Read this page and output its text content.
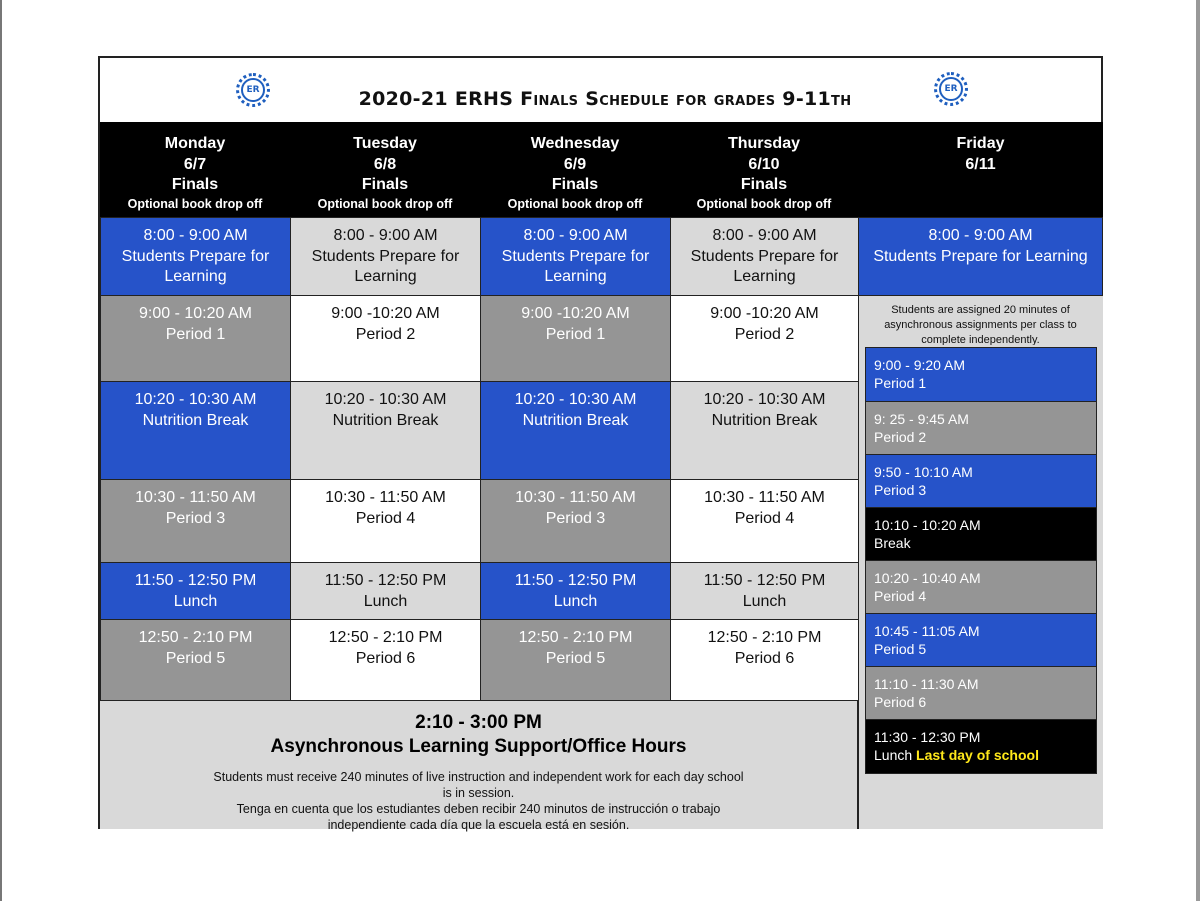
ER	ER
2020-21 ERHS Finals Schedule for grades 9-11th
Monday
6/7
Finals
Optional book drop off
Tuesday
6/8
Finals
Optional book drop off
Wednesday
6/9
Finals
Optional book drop off
Thursday
6/10
Finals
Optional book drop off
Friday
6/11
8:00 - 9:00 AM
Students Prepare for
Learning
8:00 - 9:00 AM
Students Prepare for
Learning
8:00 - 9:00 AM
Students Prepare for
Learning
8:00 - 9:00 AM
Students Prepare for
Learning
9:00 - 10:20 AM
Period 1
9:00 -10:20 AM
Period 2
9:00 -10:20 AM
Period 1
9:00 -10:20 AM
Period 2
10:20 - 10:30 AM
Nutrition Break
10:20 - 10:30 AM
Nutrition Break
10:20 - 10:30 AM
Nutrition Break
10:20 - 10:30 AM
Nutrition Break
10:30 - 11:50 AM
Period 3
10:30 - 11:50 AM
Period 4
10:30 - 11:50 AM
Period 3
10:30 - 11:50 AM
Period 4
11:50 - 12:50 PM
Lunch
11:50 - 12:50 PM
Lunch
11:50 - 12:50 PM
Lunch
11:50 - 12:50 PM
Lunch
12:50 - 2:10 PM
Period 5
12:50 - 2:10 PM
Period 6
12:50 - 2:10 PM
Period 5
12:50 - 2:10 PM
Period 6
2:10 - 3:00 PM
Asynchronous Learning Support/Office Hours
Students must receive 240 minutes of live instruction and independent work for each day school is in session.
Tenga en cuenta que los estudiantes deben recibir 240 minutos de instrucción o trabajo independiente cada día que la escuela está en sesión.
8:00 - 9:00 AM
Students Prepare for Learning
Students are assigned 20 minutes of asynchronous assignments per class to complete independently.
9:00 - 9:20 AM
Period 1
9: 25 - 9:45 AM
Period 2
9:50 - 10:10 AM
Period 3
10:10 - 10:20 AM
Break
10:20 - 10:40 AM
Period 4
10:45 - 11:05 AM
Period 5
11:10 - 11:30 AM
Period 6
11:30 - 12:30 PM
Lunch Last day of school
